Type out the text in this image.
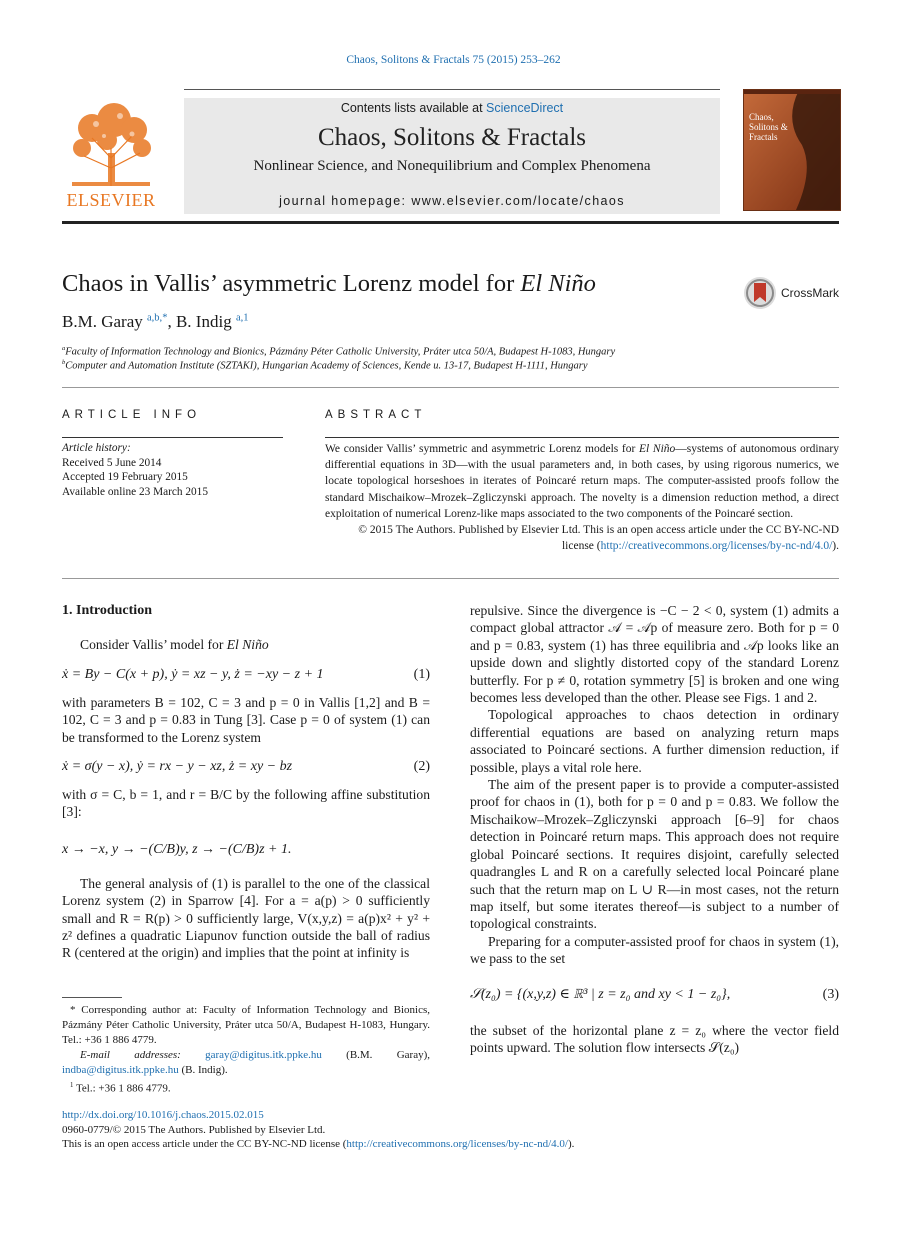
Chaos, Solitons & Fractals 75 (2015) 253–262
ELSEVIER
Contents lists available at ScienceDirect
Chaos, Solitons & Fractals
Nonlinear Science, and Nonequilibrium and Complex Phenomena
journal homepage: www.elsevier.com/locate/chaos
Chaos, Solitons & Fractals
Chaos in Vallis’ asymmetric Lorenz model for El Niño	CrossMark
B.M. Garay $^{a,b,*}$, B. Indig $^{a,1}$
$^a$Faculty of Information Technology and Bionics, Pázmány Péter Catholic University, Práter utca 50/A, Budapest H-1083, Hungary
$^b$Computer and Automation Institute (SZTAKI), Hungarian Academy of Sciences, Kende u. 13-17, Budapest H-1111, Hungary
ARTICLE INFO
Article history:
Received 5 June 2014
Accepted 19 February 2015
Available online 23 March 2015
ABSTRACT
We consider Vallis’ symmetric and asymmetric Lorenz models for El Niño—systems of autonomous ordinary differential equations in 3D—with the usual parameters and, in both cases, by using rigorous numerics, we locate topological horseshoes in iterates of Poincaré return maps. The computer-assisted proofs follow the standard Mischaikow–Mrozek–Zgliczynski approach. The novelty is a dimension reduction method, a direct exploitation of numerical Lorenz-like maps associated to the two components of the Poincaré section.
© 2015 The Authors. Published by Elsevier Ltd. This is an open access article under the CC BY-NC-ND license (http://creativecommons.org/licenses/by-nc-nd/4.0/).
1. Introduction

Consider Vallis’ model for El Niño

ẋ = By − C(x + p), ẏ = xz − y, ż = −xy − z + 1	(1)

with parameters B = 102, C = 3 and p = 0 in Vallis [1,2] and B = 102, C = 3 and p = 0.83 in Tung [3]. Case p = 0 of system (1) can be transformed to the Lorenz system

ẋ = σ(y − x), ẏ = rx − y − xz, ż = xy − bz	(2)

with σ = C, b = 1, and r = B/C by the following affine substitution [3]:

x → −x, y → −(C/B)y, z → −(C/B)z + 1.

The general analysis of (1) is parallel to the one of the classical Lorenz system (2) in Sparrow [4]. For a = a(p) > 0 sufficiently small and R = R(p) > 0 sufficiently large, V(x,y,z) = a(p)x² + y² + z² defines a quadratic Liapunov function outside the ball of radius R (centered at the origin) and implies that the point at infinity is

* Corresponding author at: Faculty of Information Technology and Bionics, Pázmány Péter Catholic University, Práter utca 50/A, Budapest H-1083, Hungary. Tel.: +36 1 886 4779.
E-mail addresses: garay@digitus.itk.ppke.hu (B.M. Garay), indba@digitus.itk.ppke.hu (B. Indig).
$^1$ Tel.: +36 1 886 4779.

repulsive. Since the divergence is −C − 2 < 0, system (1) admits a compact global attractor 𝒜 = 𝒜p of measure zero. Both for p = 0 and p = 0.83, system (1) has three equilibria and 𝒜p looks like an upside down and slightly distorted copy of the standard Lorenz butterfly. For p ≠ 0, rotation symmetry [5] is broken and one wing becomes less developed than the other. Please see Figs. 1 and 2.

Topological approaches to chaos detection in ordinary differential equations are based on analyzing return maps associated to Poincaré sections. A further dimension reduction, if possible, plays a vital role here.

The aim of the present paper is to provide a computer-assisted proof for chaos in (1), both for p = 0 and p = 0.83. We follow the Mischaikow–Mrozek–Zgliczynski approach [6–9] for chaos detection in Poincaré return maps. This approach does not require global Poincaré sections. It requires disjoint, carefully selected quadrangles L and R on a carefully selected local Poincaré plane such that the return map on L ∪ R—in most cases, not the return map itself, but some iterates thereof—is subject to a number of topological constraints.

Preparing for a computer-assisted proof for chaos in system (1), we pass to the set

𝒮(z₀) = {(x,y,z) ∈ ℝ³ | z = z₀ and xy < 1 − z₀},	(3)

the subset of the horizontal plane z = z₀ where the vector field points upward. The solution flow intersects 𝒮(z₀)

http://dx.doi.org/10.1016/j.chaos.2015.02.015
0960-0779/© 2015 The Authors. Published by Elsevier Ltd.
This is an open access article under the CC BY-NC-ND license (http://creativecommons.org/licenses/by-nc-nd/4.0/).
